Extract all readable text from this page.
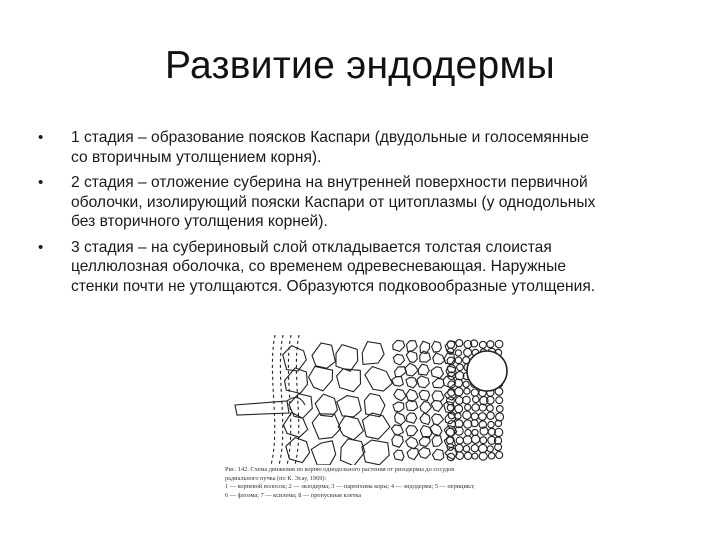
Развитие эндодермы
• 1 стадия – образование поясков Каспари (двудольные и голосемянные
со вторичным утолщением корня).
• 2 стадия – отложение суберина на внутренней поверхности первичной
оболочки, изолирующий пояски Каспари от цитоплазмы (у однодольных
без вторичного утолщения корней).
• 3 стадия – на субериновый слой откладывается толстая слоистая
целлюлозная оболочка, со временем одревесневающая. Наружные
стенки почти не утолщаются. Образуются подковообразные утолщения.
Рис. 142. Схема движения по корню однодольного растения от ризодермы до сосудов
радиального пучка (по К. Эсау, 1969):
1 — корневой волосок; 2 — экзодерма; 3 — паренхима коры; 4 — эндодерма; 5 — перицикл;
6 — флоэма; 7 — ксилема; 8 — пропускная клетка
